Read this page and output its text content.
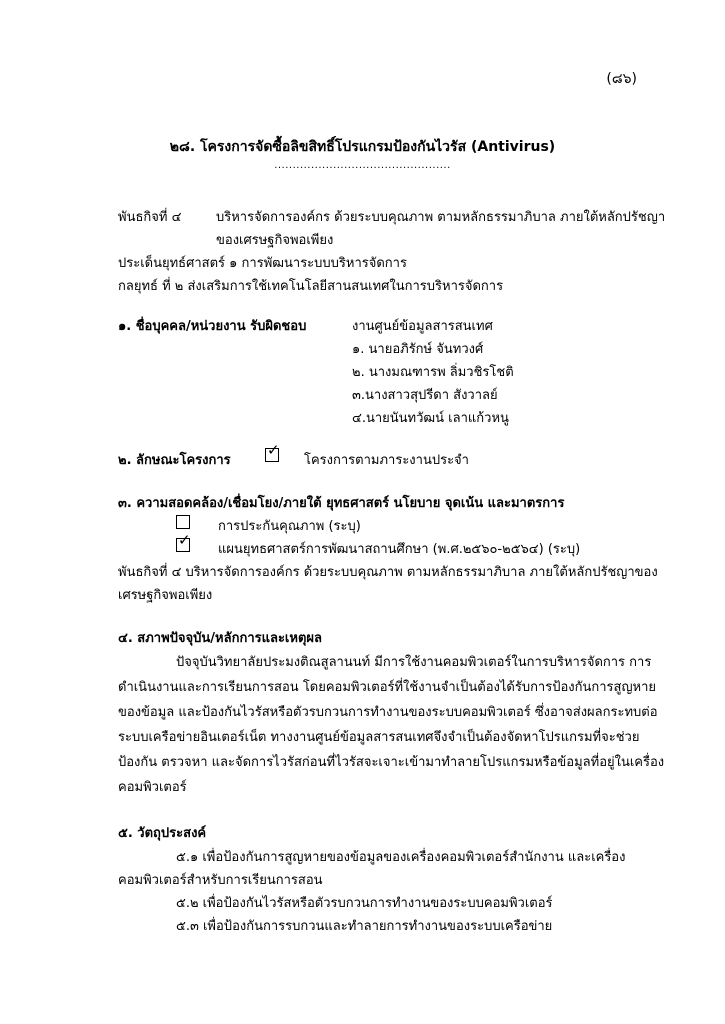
(๘๖)
๒๘. โครงการจัดซื้อลิขสิทธิ์โปรแกรมป้องกันไวรัส (Antivirus)
................................................
พันธกิจที่ ๔	บริหารจัดการองค์กร ด้วยระบบคุณภาพ ตามหลักธรรมาภิบาล ภายใต้หลักปรัชญา
ของเศรษฐกิจพอเพียง
ประเด็นยุทธ์ศาสตร์ ๑ การพัฒนาระบบบริหารจัดการ
กลยุทธ์ ที่ ๒ ส่งเสริมการใช้เทคโนโลยีสานสนเทศในการบริหารจัดการ
๑. ชื่อบุคคล/หน่วยงาน รับผิดชอบ	งานศูนย์ข้อมูลสารสนเทศ
๑. นายอภิรักษ์ จันทวงศ์
๒. นางมณฑารพ ลิ่มวชิรโชติ
๓.นางสาวสุปรีดา สังวาลย์
๔.นายนันทวัฒน์ เลาแก้วหนู
๒. ลักษณะโครงการ
✓
โครงการตามภาระงานประจำ
๓. ความสอดคล้อง/เชื่อมโยง/ภายใต้ ยุทธศาสตร์ นโยบาย จุดเน้น และมาตรการ
การประกันคุณภาพ (ระบุ)
✓
แผนยุทธศาสตร์การพัฒนาสถานศึกษา (พ.ศ.๒๕๖๐-๒๕๖๔) (ระบุ)
พันธกิจที่ ๔ บริหารจัดการองค์กร ด้วยระบบคุณภาพ ตามหลักธรรมาภิบาล ภายใต้หลักปรัชญาของ
เศรษฐกิจพอเพียง
๔. สภาพปัจจุบัน/หลักการและเหตุผล
ปัจจุบันวิทยาลัยประมงติณสูลานนท์ มีการใช้งานคอมพิวเตอร์ในการบริหารจัดการ การ
ดำเนินงานและการเรียนการสอน โดยคอมพิวเตอร์ที่ใช้งานจำเป็นต้องได้รับการป้องกันการสูญหาย
ของข้อมูล และป้องกันไวรัสหรือตัวรบกวนการทำงานของระบบคอมพิวเตอร์ ซึ่งอาจส่งผลกระทบต่อ
ระบบเครือข่ายอินเตอร์เน็ต ทางงานศูนย์ข้อมูลสารสนเทศจึงจำเป็นต้องจัดหาโปรแกรมที่จะช่วย
ป้องกัน ตรวจหา และจัดการไวรัสก่อนที่ไวรัสจะเจาะเข้ามาทำลายโปรแกรมหรือข้อมูลที่อยู่ในเครื่อง
คอมพิวเตอร์
๕. วัตถุประสงค์
๕.๑ เพื่อป้องกันการสูญหายของข้อมูลของเครื่องคอมพิวเตอร์สำนักงาน และเครื่อง
คอมพิวเตอร์สำหรับการเรียนการสอน
๕.๒ เพื่อป้องกันไวรัสหรือตัวรบกวนการทำงานของระบบคอมพิวเตอร์
๕.๓ เพื่อป้องกันการรบกวนและทำลายการทำงานของระบบเครือข่าย
